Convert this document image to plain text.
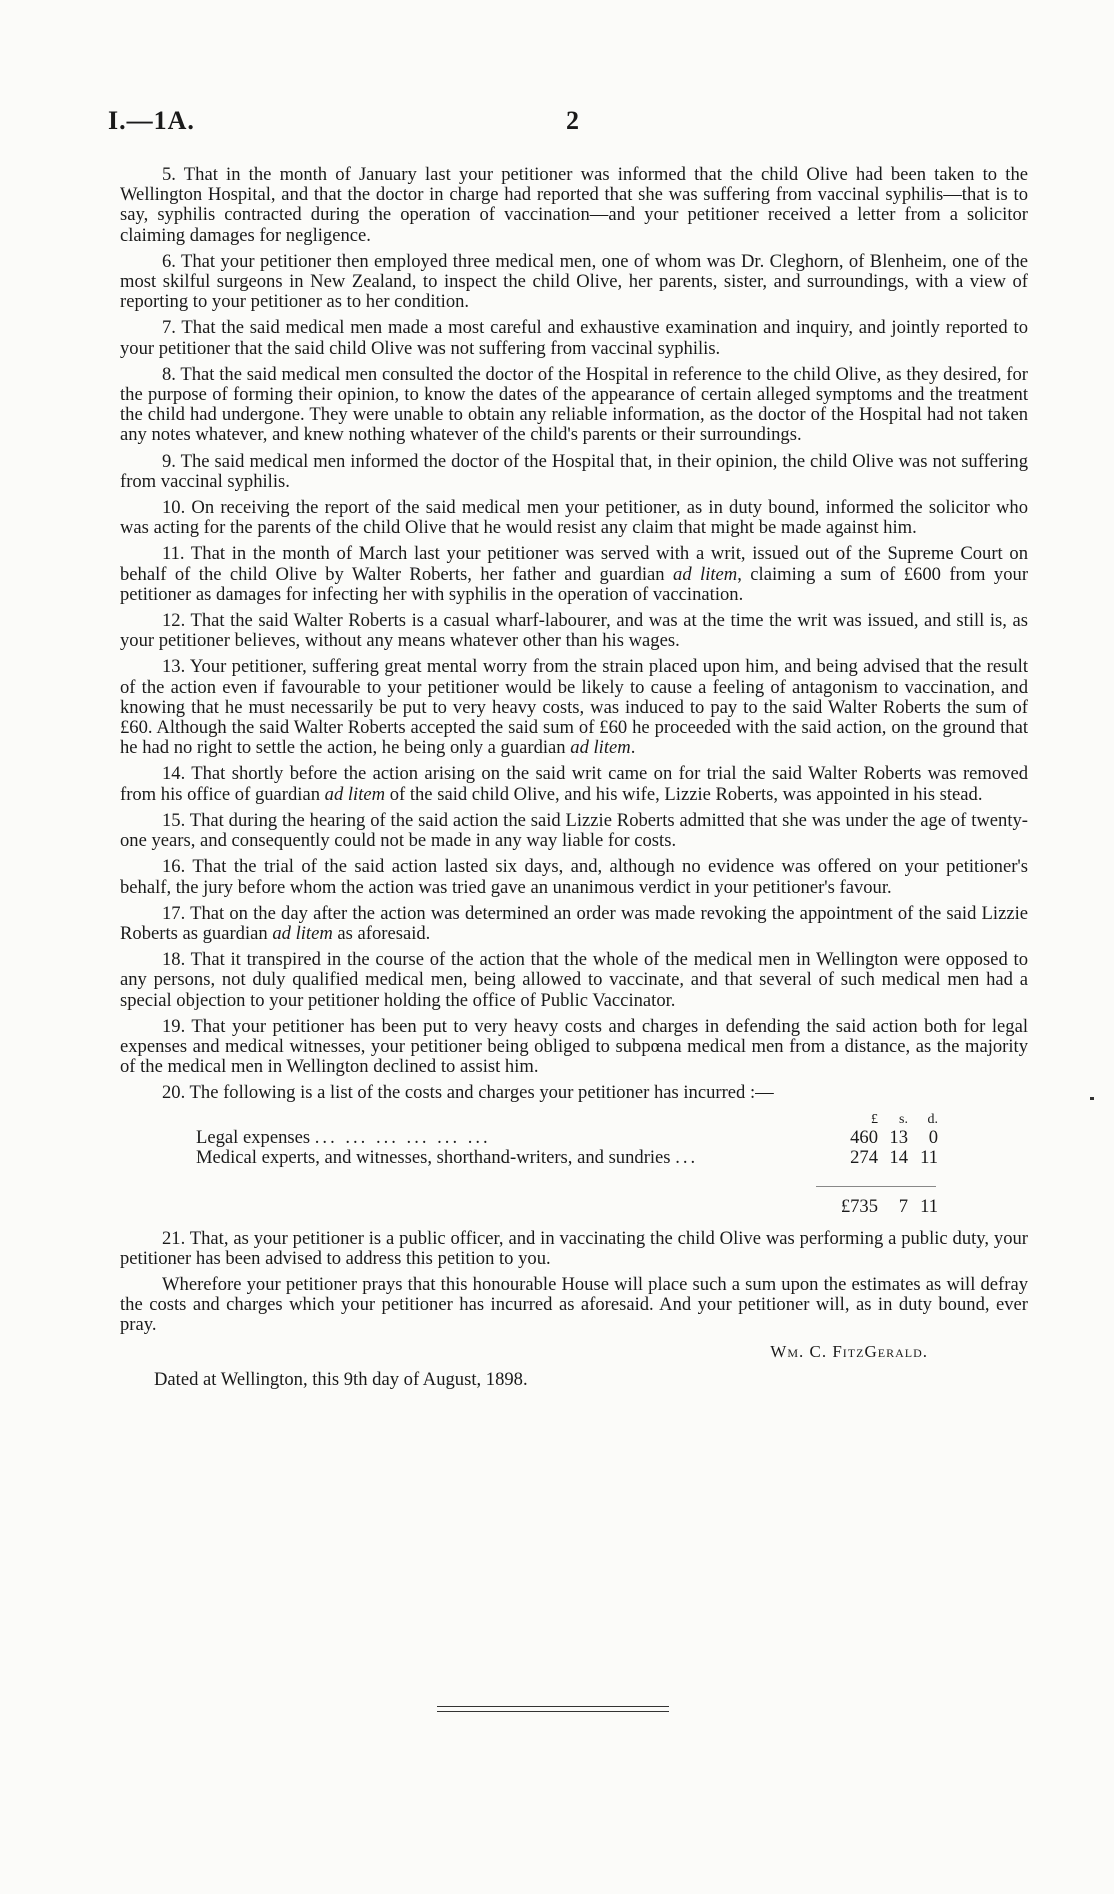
I.—1A.	2

5. That in the month of January last your petitioner was informed that the child Olive had been taken to the Wellington Hospital, and that the doctor in charge had reported that she was suffering from vaccinal syphilis—that is to say, syphilis contracted during the operation of vaccination—and your petitioner received a letter from a solicitor claiming damages for negligence.

6. That your petitioner then employed three medical men, one of whom was Dr. Cleghorn, of Blenheim, one of the most skilful surgeons in New Zealand, to inspect the child Olive, her parents, sister, and surroundings, with a view of reporting to your petitioner as to her condition.

7. That the said medical men made a most careful and exhaustive examination and inquiry, and jointly reported to your petitioner that the said child Olive was not suffering from vaccinal syphilis.

8. That the said medical men consulted the doctor of the Hospital in reference to the child Olive, as they desired, for the purpose of forming their opinion, to know the dates of the appearance of certain alleged symptoms and the treatment the child had undergone. They were unable to obtain any reliable information, as the doctor of the Hospital had not taken any notes whatever, and knew nothing whatever of the child's parents or their surroundings.

9. The said medical men informed the doctor of the Hospital that, in their opinion, the child Olive was not suffering from vaccinal syphilis.

10. On receiving the report of the said medical men your petitioner, as in duty bound, informed the solicitor who was acting for the parents of the child Olive that he would resist any claim that might be made against him.

11. That in the month of March last your petitioner was served with a writ, issued out of the Supreme Court on behalf of the child Olive by Walter Roberts, her father and guardian ad litem, claiming a sum of £600 from your petitioner as damages for infecting her with syphilis in the operation of vaccination.

12. That the said Walter Roberts is a casual wharf-labourer, and was at the time the writ was issued, and still is, as your petitioner believes, without any means whatever other than his wages.

13. Your petitioner, suffering great mental worry from the strain placed upon him, and being advised that the result of the action even if favourable to your petitioner would be likely to cause a feeling of antagonism to vaccination, and knowing that he must necessarily be put to very heavy costs, was induced to pay to the said Walter Roberts the sum of £60. Although the said Walter Roberts accepted the said sum of £60 he proceeded with the said action, on the ground that he had no right to settle the action, he being only a guardian ad litem.

14. That shortly before the action arising on the said writ came on for trial the said Walter Roberts was removed from his office of guardian ad litem of the said child Olive, and his wife, Lizzie Roberts, was appointed in his stead.

15. That during the hearing of the said action the said Lizzie Roberts admitted that she was under the age of twenty-one years, and consequently could not be made in any way liable for costs.

16. That the trial of the said action lasted six days, and, although no evidence was offered on your petitioner's behalf, the jury before whom the action was tried gave an unanimous verdict in your petitioner's favour.

17. That on the day after the action was determined an order was made revoking the appointment of the said Lizzie Roberts as guardian ad litem as aforesaid.

18. That it transpired in the course of the action that the whole of the medical men in Wellington were opposed to any persons, not duly qualified medical men, being allowed to vaccinate, and that several of such medical men had a special objection to your petitioner holding the office of Public Vaccinator.

19. That your petitioner has been put to very heavy costs and charges in defending the said action both for legal expenses and medical witnesses, your petitioner being obliged to subpœna medical men from a distance, as the majority of the medical men in Wellington declined to assist him.

20. The following is a list of the costs and charges your petitioner has incurred :—

£	s.	d.
Legal expenses ... ... ... ... ... ...	460 13	0
Medical experts, and witnesses, shorthand-writers, and sundries ...	274 14 11
£735	7 11

21. That, as your petitioner is a public officer, and in vaccinating the child Olive was performing a public duty, your petitioner has been advised to address this petition to you.

Wherefore your petitioner prays that this honourable House will place such a sum upon the estimates as will defray the costs and charges which your petitioner has incurred as aforesaid. And your petitioner will, as in duty bound, ever pray.

Wm. C. FitzGerald.
Dated at Wellington, this 9th day of August, 1898.
